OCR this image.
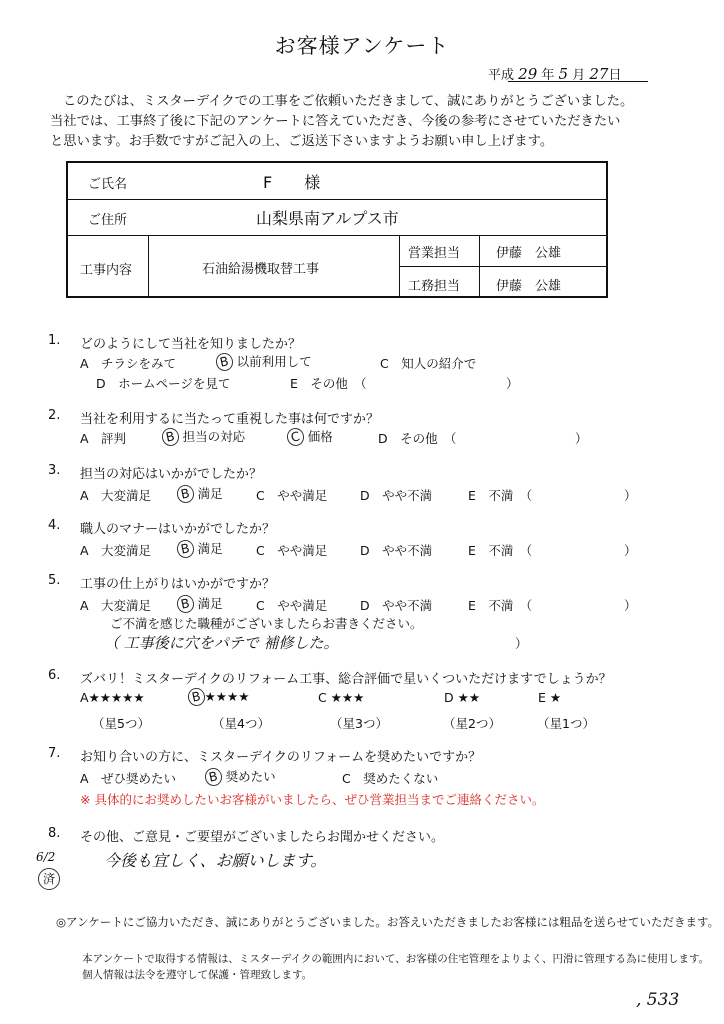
お客様アンケート
平成 29 年 5 月 27日
このたびは、ミスターデイクでの工事をご依頼いただきまして、誠にありがとうございました。
当社では、工事終了後に下記のアンケートに答えていただき、今後の参考にさせていただきたい
と思います。お手数ですがご記入の上、ご返送下さいますようお願い申し上げます。
ご氏名	F　　様
ご住所	山梨県南アルプス市
工事内容	石油給湯機取替工事
営業担当	伊藤　公雄
工務担当	伊藤　公雄
1. どのようにして当社を知りましたか？
A　チラシをみて	B 以前利用して	C　知人の紹介で
D　ホームページを見て	E　その他　（	）
2. 当社を利用するに当たって重視した事は何ですか？
A　評判	B 担当の対応	C 価格	D　その他　（	）
3. 担当の対応はいかがでしたか？
A　大変満足 B 満足	C　やや満足	D　やや不満	E　不満　（	）
4. 職人のマナーはいかがでしたか？
A　大変満足 B 満足	C　やや満足	D　やや不満	E　不満　（	）
5. 工事の仕上がりはいかがですか？
A　大変満足 B 満足	C　やや満足	D　やや不満	E　不満　（	）
ご不満を感じた職種がございましたらお書きください。
（ 工事後に穴をパテで 補修した。	）
6. ズバリ！ミスターデイクのリフォーム工事、総合評価で星いくついただけますでしょうか？
A★★★★★	B ★★★★	C ★★★	D ★★	E ★
（星5つ）	（星4つ）	（星3つ）	（星2つ）	（星1つ）
7. お知り合いの方に、ミスターデイクのリフォームを奨めたいですか？
A　ぜひ奨めたい	B 奨めたい	C　奨めたくない
※ 具体的にお奨めしたいお客様がいましたら、ぜひ営業担当までご連絡ください。
8. その他、ご意見・ご要望がございましたらお聞かせください。
今後も宜しく、お願いします。
6/2
済
◎アンケートにご協力いただき、誠にありがとうございました。お答えいただきましたお客様には粗品を送らせていただきます。
本アンケートで取得する情報は、ミスターデイクの範囲内において、お客様の住宅管理をよりよく、円滑に管理する為に使用します。
個人情報は法令を遵守して保護・管理致します。
, 533
